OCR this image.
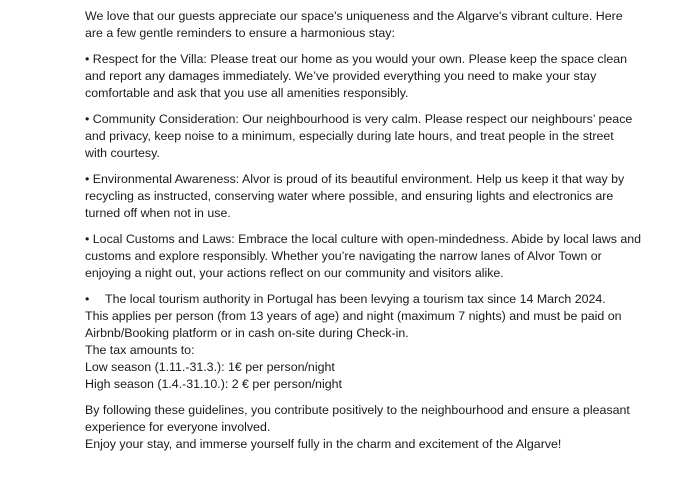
We love that our guests appreciate our space's uniqueness and the Algarve's vibrant culture. Here
are a few gentle reminders to ensure a harmonious stay:

• Respect for the Villa: Please treat our home as you would your own. Please keep the space clean
and report any damages immediately. We’ve provided everything you need to make your stay
comfortable and ask that you use all amenities responsibly.

• Community Consideration: Our neighbourhood is very calm. Please respect our neighbours’ peace
and privacy, keep noise to a minimum, especially during late hours, and treat people in the street
with courtesy.

• Environmental Awareness: Alvor is proud of its beautiful environment. Help us keep it that way by
recycling as instructed, conserving water where possible, and ensuring lights and electronics are
turned off when not in use.

• Local Customs and Laws: Embrace the local culture with open-mindedness. Abide by local laws and
customs and explore responsibly. Whether you’re navigating the narrow lanes of Alvor Town or
enjoying a night out, your actions reflect on our community and visitors alike.

• The local tourism authority in Portugal has been levying a tourism tax since 14 March 2024.
This applies per person (from 13 years of age) and night (maximum 7 nights) and must be paid on
Airbnb/Booking platform or in cash on-site during Check-in.
The tax amounts to:
Low season (1.11.-31.3.): 1€ per person/night
High season (1.4.-31.10.): 2 € per person/night

By following these guidelines, you contribute positively to the neighbourhood and ensure a pleasant
experience for everyone involved.
Enjoy your stay, and immerse yourself fully in the charm and excitement of the Algarve!
